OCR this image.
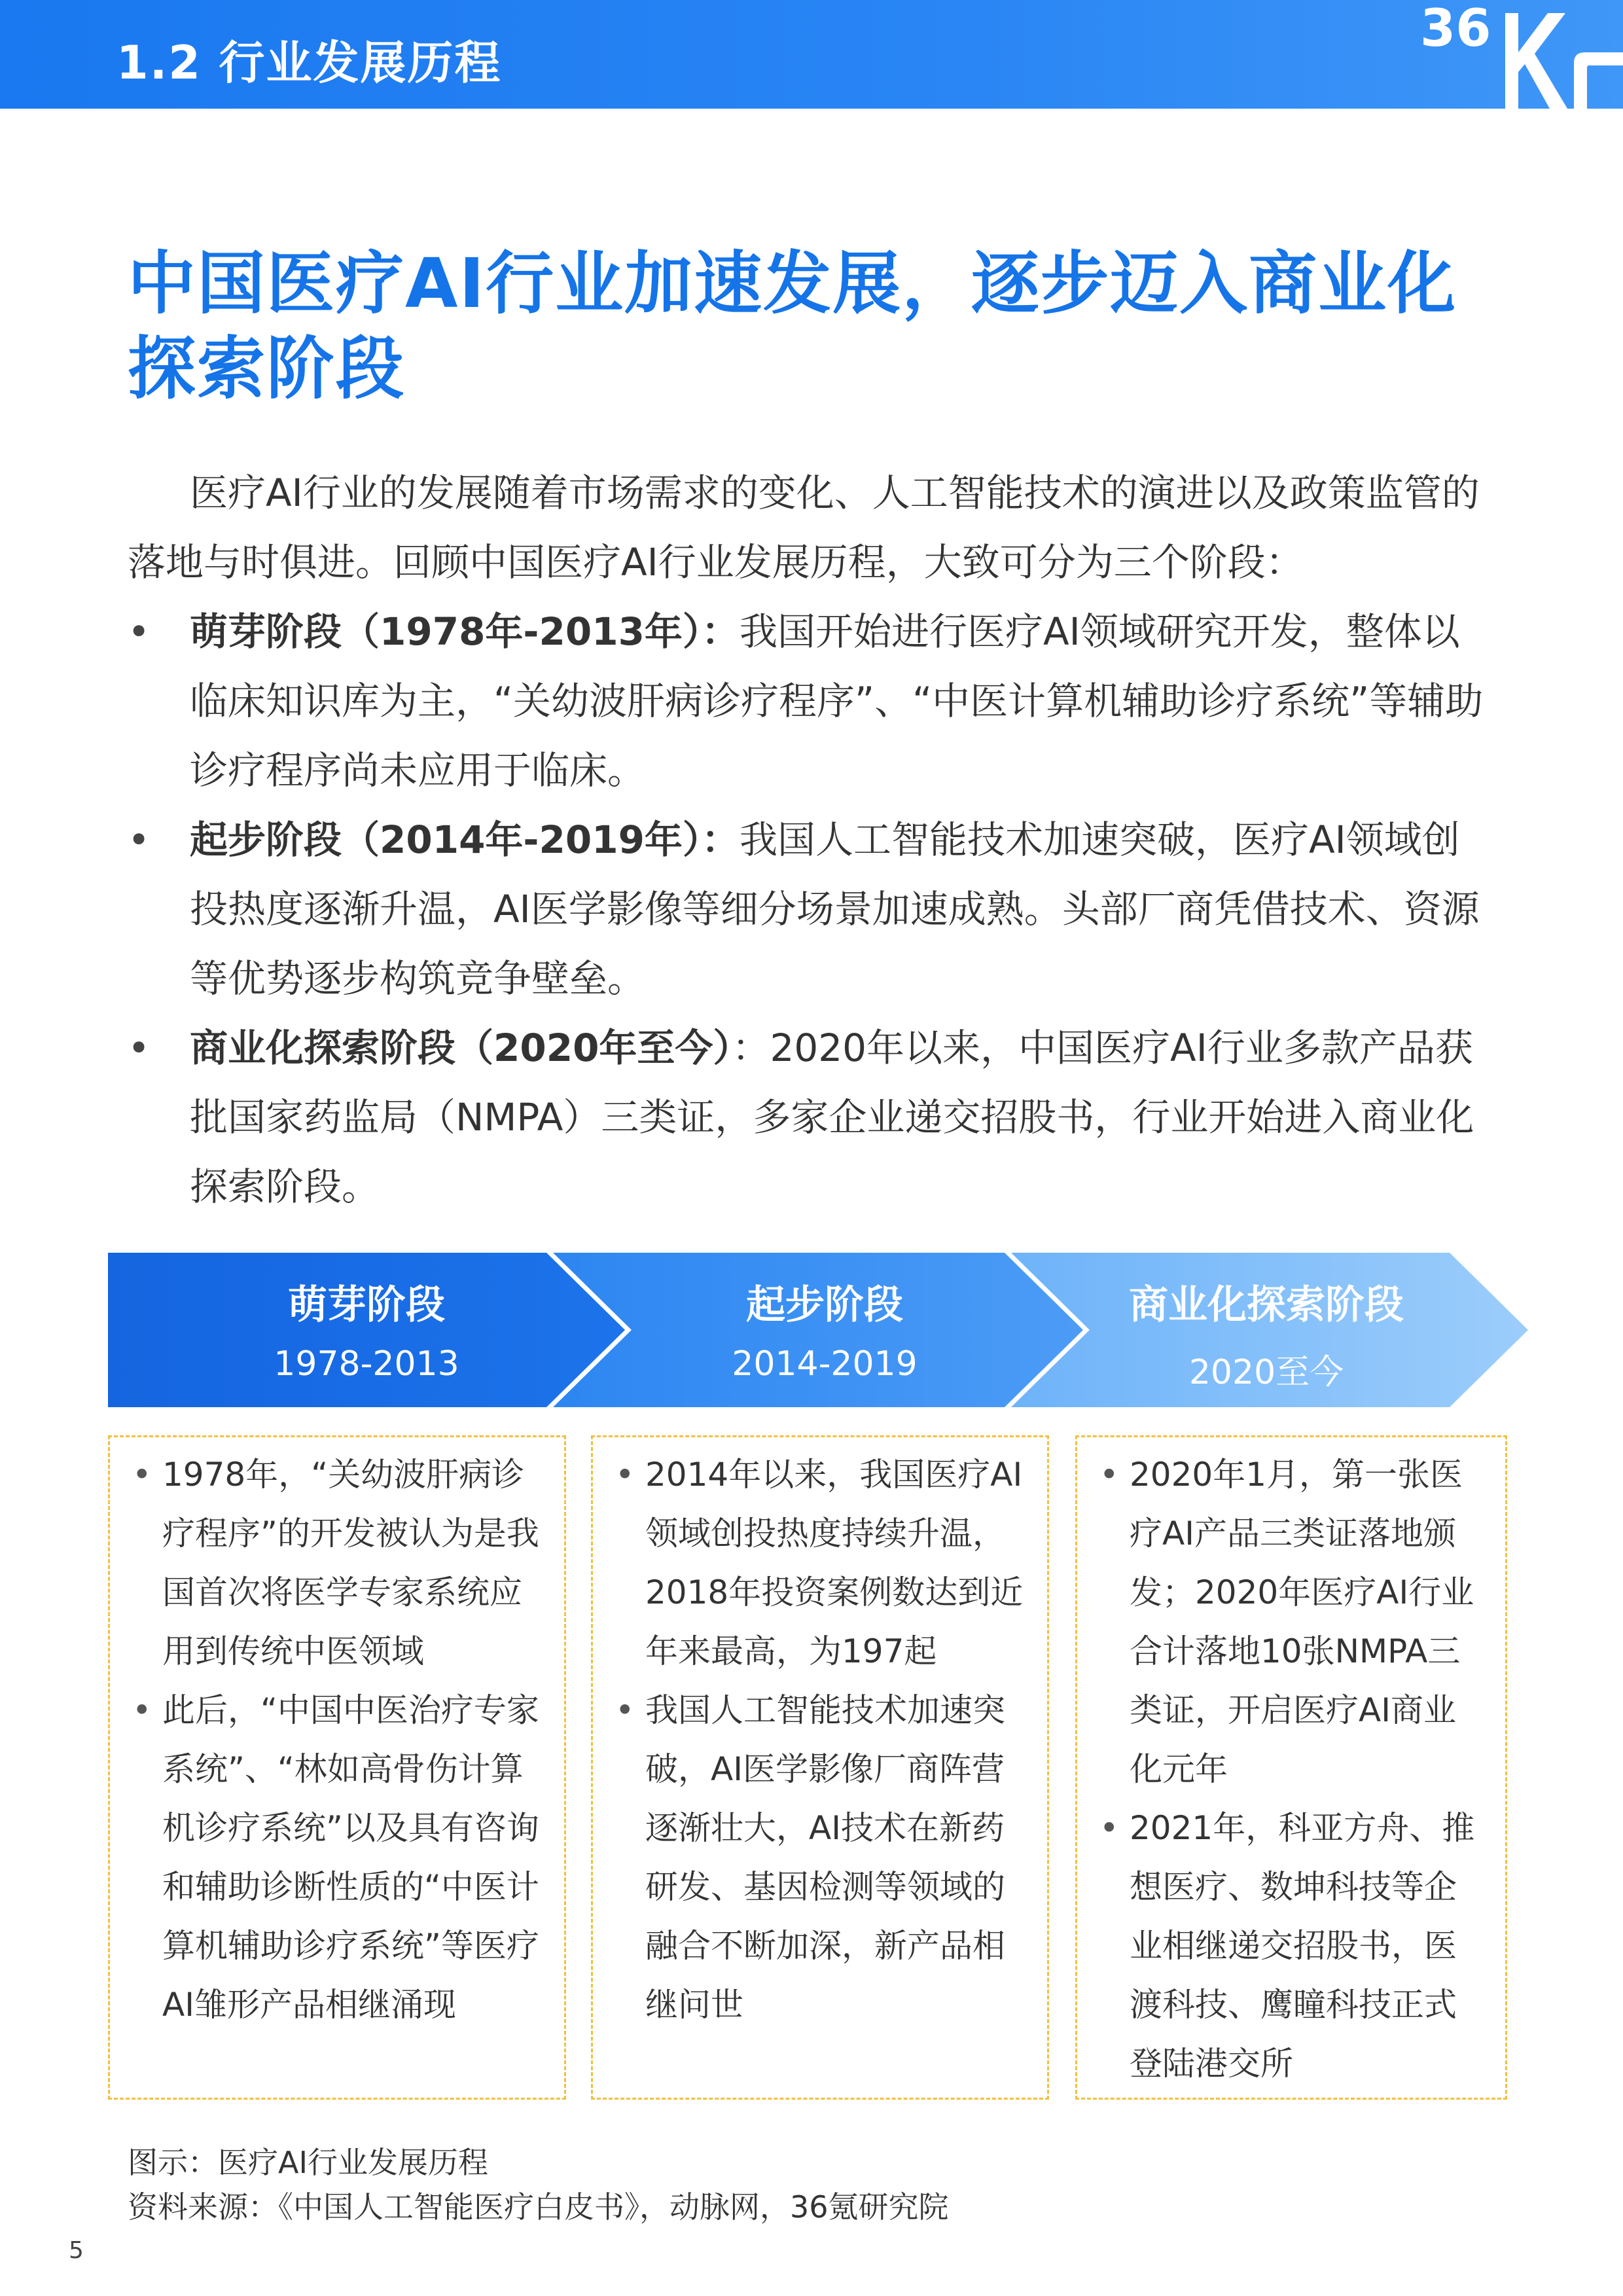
1.2 行业发展历程
36
中国医疗AI行业加速发展，逐步迈入商业化探索阶段

医疗AI行业的发展随着市场需求的变化、人工智能技术的演进以及政策监管的落地与时俱进。回顾中国医疗AI行业发展历程，大致可分为三个阶段：

• 萌芽阶段（1978年-2013年）：我国开始进行医疗AI领域研究开发，整体以临床知识库为主，“关幼波肝病诊疗程序”、“中医计算机辅助诊疗系统”等辅助诊疗程序尚未应用于临床。

• 起步阶段（2014年-2019年）：我国人工智能技术加速突破，医疗AI领域创投热度逐渐升温，AI医学影像等细分场景加速成熟。头部厂商凭借技术、资源等优势逐步构筑竞争壁垒。

• 商业化探索阶段（2020年至今）：2020年以来，中国医疗AI行业多款产品获批国家药监局（NMPA）三类证，多家企业递交招股书，行业开始进入商业化探索阶段。

萌芽阶段
1978-2013
起步阶段
2014-2019
商业化探索阶段
2020至今
• 1978年，“关幼波肝病诊疗程序”的开发被认为是我国首次将医学专家系统应用到传统中医领域
• 此后，“中国中医治疗专家系统”、“林如高骨伤计算机诊疗系统”以及具有咨询和辅助诊断性质的“中医计算机辅助诊疗系统”等医疗AI雏形产品相继涌现
• 2014年以来，我国医疗AI领域创投热度持续升温，2018年投资案例数达到近年来最高，为197起
• 我国人工智能技术加速突破，AI医学影像厂商阵营逐渐壮大，AI技术在新药研发、基因检测等领域的融合不断加深，新产品相继问世
• 2020年1月，第一张医疗AI产品三类证落地颁发；2020年医疗AI行业合计落地10张NMPA三类证，开启医疗AI商业化元年
• 2021年，科亚方舟、推想医疗、数坤科技等企业相继递交招股书，医渡科技、鹰瞳科技正式登陆港交所
图示：医疗AI行业发展历程
资料来源：《中国人工智能医疗白皮书》，动脉网，36氪研究院
5
